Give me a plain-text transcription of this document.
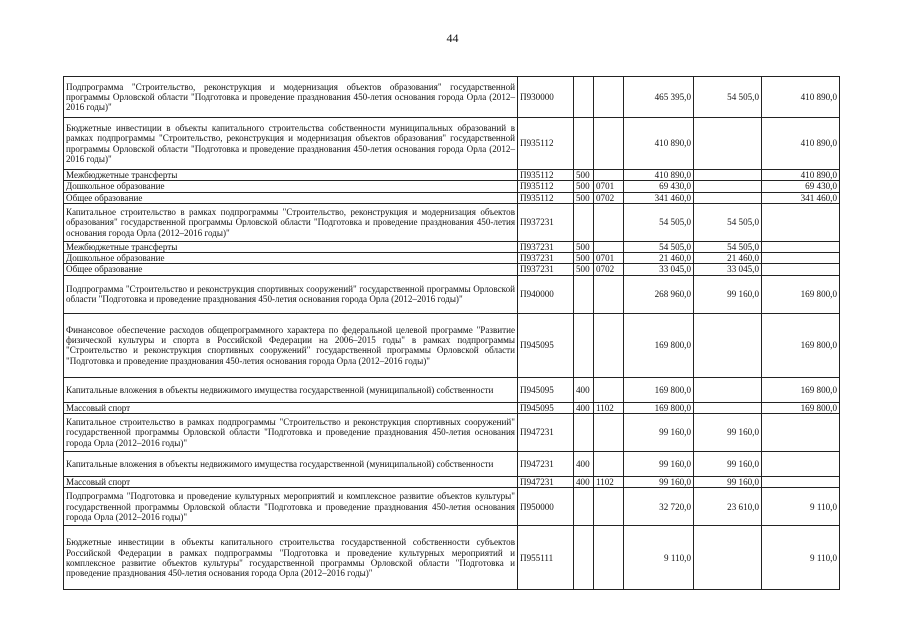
44
Подпрограмма "Строительство, реконструкция и модернизация объектов образования" государственной программы Орловской области "Подготовка и проведение празднования 450-летия основания города Орла (2012–2016 годы)"	П930000			465 395,0	54 505,0	410 890,0
Бюджетные инвестиции в объекты капитального строительства собственности муниципальных образований в рамках подпрограммы "Строительство, реконструкция и модернизация объектов образования" государственной программы Орловской области "Подготовка и проведение празднования 450-летия основания города Орла (2012–2016 годы)"	П935112			410 890,0		410 890,0
Межбюджетные трансферты	П935112	500		410 890,0		410 890,0
Дошкольное образование	П935112	500	0701	69 430,0		69 430,0
Общее образование	П935112	500	0702	341 460,0		341 460,0
Капитальное строительство в рамках подпрограммы "Строительство, реконструкция и модернизация объектов образования" государственной программы Орловской области "Подготовка и проведение празднования 450-летия основания города Орла (2012–2016 годы)"	П937231			54 505,0	54 505,0	
Межбюджетные трансферты	П937231	500		54 505,0	54 505,0	
Дошкольное образование	П937231	500	0701	21 460,0	21 460,0	
Общее образование	П937231	500	0702	33 045,0	33 045,0	
Подпрограмма "Строительство и реконструкция спортивных сооружений" государственной программы Орловской области "Подготовка и проведение празднования 450-летия основания города Орла (2012–2016 годы)"	П940000			268 960,0	99 160,0	169 800,0
Финансовое обеспечение расходов общепрограммного характера по федеральной целевой программе "Развитие физической культуры и спорта в Российской Федерации на 2006–2015 годы" в рамках подпрограммы "Строительство и реконструкция спортивных сооружений" государственной программы Орловской области "Подготовка и проведение празднования 450-летия основания города Орла (2012–2016 годы)"	П945095			169 800,0		169 800,0
Капитальные вложения в объекты недвижимого имущества государственной (муниципальной) собственности	П945095	400		169 800,0		169 800,0
Массовый спорт	П945095	400	1102	169 800,0		169 800,0
Капитальное строительство в рамках подпрограммы "Строительство и реконструкция спортивных сооружений" государственной программы Орловской области "Подготовка и проведение празднования 450-летия основания города Орла (2012–2016 годы)"	П947231			99 160,0	99 160,0	
Капитальные вложения в объекты недвижимого имущества государственной (муниципальной) собственности	П947231	400		99 160,0	99 160,0	
Массовый спорт	П947231	400	1102	99 160,0	99 160,0	
Подпрограмма "Подготовка и проведение культурных мероприятий и комплексное развитие объектов культуры" государственной программы Орловской области "Подготовка и проведение празднования 450-летия основания города Орла (2012–2016 годы)"	П950000			32 720,0	23 610,0	9 110,0
Бюджетные инвестиции в объекты капитального строительства государственной собственности субъектов Российской Федерации в рамках подпрограммы "Подготовка и проведение культурных мероприятий и комплексное развитие объектов культуры" государственной программы Орловской области "Подготовка и проведение празднования 450-летия основания города Орла (2012–2016 годы)"	П955111			9 110,0		9 110,0
